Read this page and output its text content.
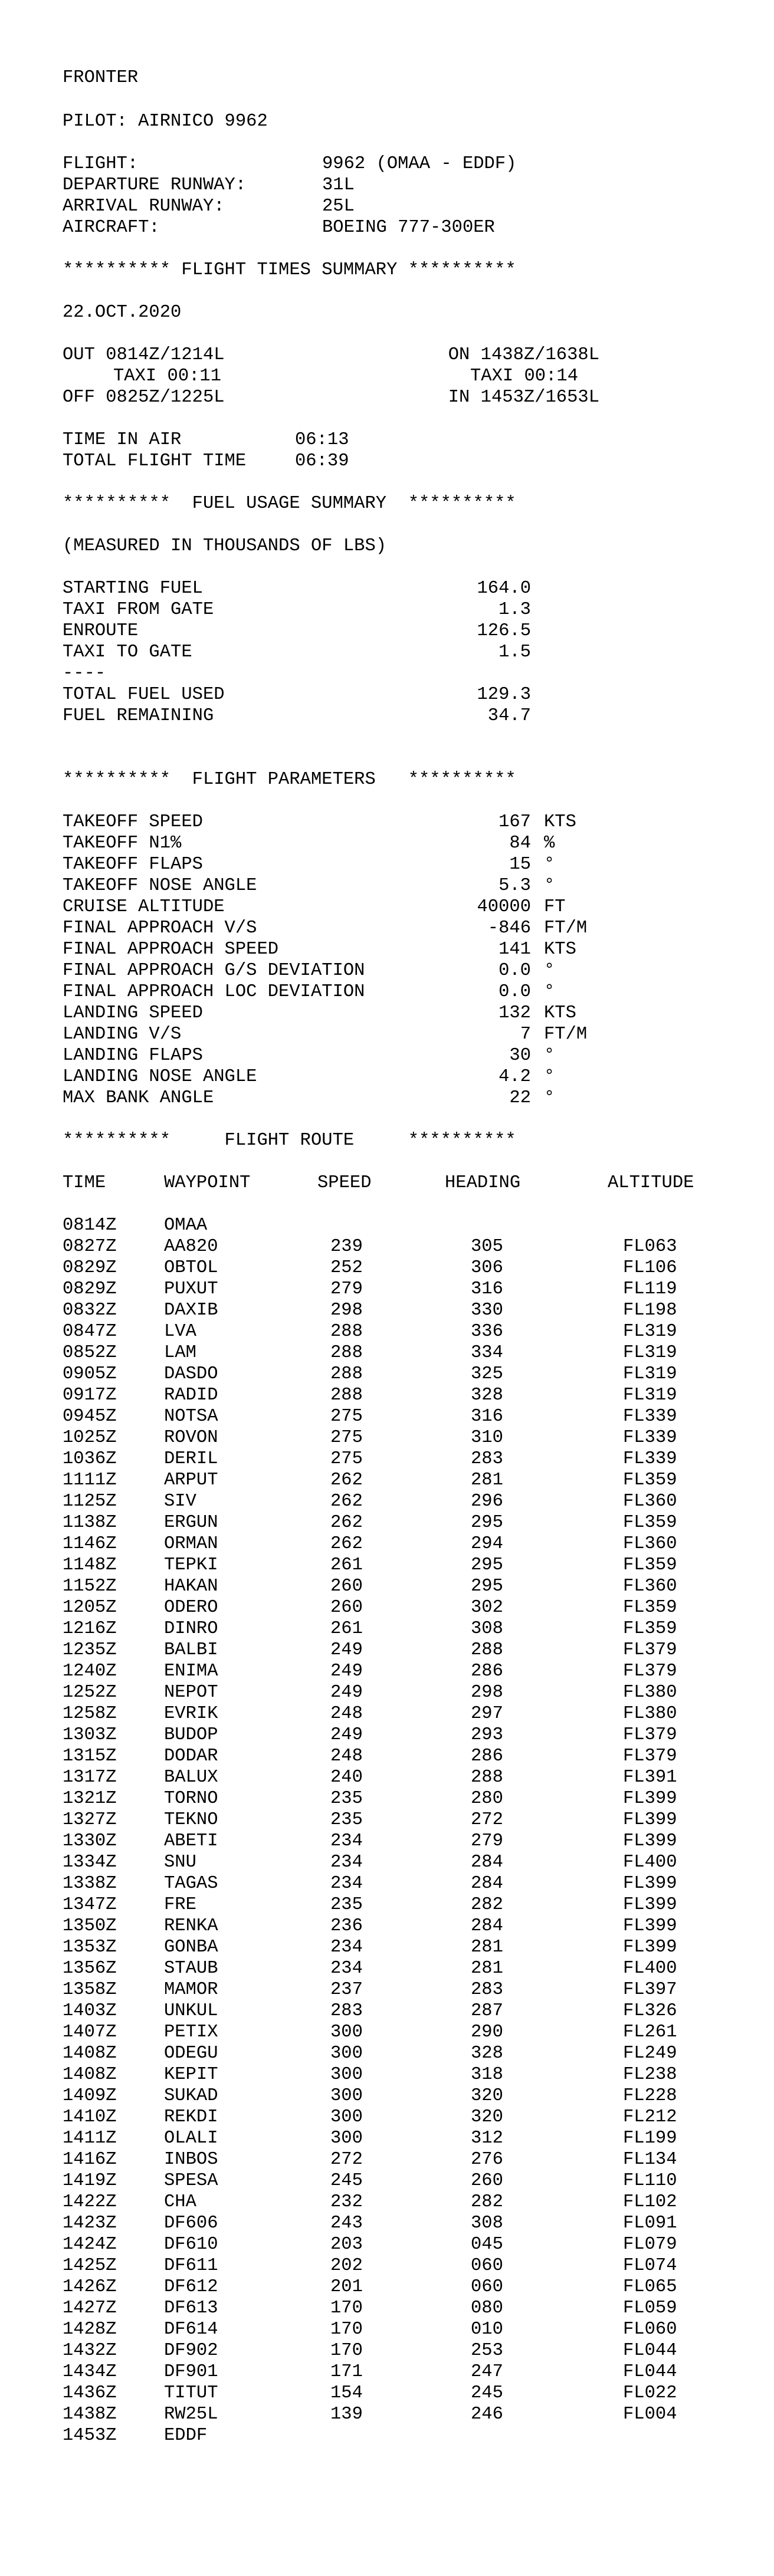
FRONTER
PILOT: AIRNICO 9962
FLIGHT:	9962 (OMAA - EDDF)
DEPARTURE RUNWAY:	31L
ARRIVAL RUNWAY:	25L
AIRCRAFT:	BOEING 777-300ER
********** FLIGHT TIMES SUMMARY **********
22.OCT.2020
OUT 0814Z/1214L	ON 1438Z/1638L
TAXI 00:11	TAXI 00:14
OFF 0825Z/1225L	IN 1453Z/1653L
TIME IN AIR	06:13
TOTAL FLIGHT TIME	06:39
**********  FUEL USAGE SUMMARY  **********
(MEASURED IN THOUSANDS OF LBS)
STARTING FUEL	164.0
TAXI FROM GATE	1.3
ENROUTE	126.5
TAXI TO GATE	1.5
----
TOTAL FUEL USED	129.3
FUEL REMAINING	34.7
**********  FLIGHT PARAMETERS   **********
TAKEOFF SPEED	167 KTS
TAKEOFF N1%	84 %
TAKEOFF FLAPS	15 °
TAKEOFF NOSE ANGLE	5.3 °
CRUISE ALTITUDE	40000 FT
FINAL APPROACH V/S	-846 FT/M
FINAL APPROACH SPEED	141 KTS
FINAL APPROACH G/S DEVIATION	0.0 °
FINAL APPROACH LOC DEVIATION	0.0 °
LANDING SPEED	132 KTS
LANDING V/S	7 FT/M
LANDING FLAPS	30 °
LANDING NOSE ANGLE	4.2 °
MAX BANK ANGLE	22 °
**********     FLIGHT ROUTE     **********
TIME	WAYPOINT	SPEED	HEADING	ALTITUDE
0814Z	OMAA
0827Z	AA820	239	305	FL063
0829Z	OBTOL	252	306	FL106
0829Z	PUXUT	279	316	FL119
0832Z	DAXIB	298	330	FL198
0847Z	LVA	288	336	FL319
0852Z	LAM	288	334	FL319
0905Z	DASDO	288	325	FL319
0917Z	RADID	288	328	FL319
0945Z	NOTSA	275	316	FL339
1025Z	ROVON	275	310	FL339
1036Z	DERIL	275	283	FL339
1111Z	ARPUT	262	281	FL359
1125Z	SIV	262	296	FL360
1138Z	ERGUN	262	295	FL359
1146Z	ORMAN	262	294	FL360
1148Z	TEPKI	261	295	FL359
1152Z	HAKAN	260	295	FL360
1205Z	ODERO	260	302	FL359
1216Z	DINRO	261	308	FL359
1235Z	BALBI	249	288	FL379
1240Z	ENIMA	249	286	FL379
1252Z	NEPOT	249	298	FL380
1258Z	EVRIK	248	297	FL380
1303Z	BUDOP	249	293	FL379
1315Z	DODAR	248	286	FL379
1317Z	BALUX	240	288	FL391
1321Z	TORNO	235	280	FL399
1327Z	TEKNO	235	272	FL399
1330Z	ABETI	234	279	FL399
1334Z	SNU	234	284	FL400
1338Z	TAGAS	234	284	FL399
1347Z	FRE	235	282	FL399
1350Z	RENKA	236	284	FL399
1353Z	GONBA	234	281	FL399
1356Z	STAUB	234	281	FL400
1358Z	MAMOR	237	283	FL397
1403Z	UNKUL	283	287	FL326
1407Z	PETIX	300	290	FL261
1408Z	ODEGU	300	328	FL249
1408Z	KEPIT	300	318	FL238
1409Z	SUKAD	300	320	FL228
1410Z	REKDI	300	320	FL212
1411Z	OLALI	300	312	FL199
1416Z	INBOS	272	276	FL134
1419Z	SPESA	245	260	FL110
1422Z	CHA	232	282	FL102
1423Z	DF606	243	308	FL091
1424Z	DF610	203	045	FL079
1425Z	DF611	202	060	FL074
1426Z	DF612	201	060	FL065
1427Z	DF613	170	080	FL059
1428Z	DF614	170	010	FL060
1432Z	DF902	170	253	FL044
1434Z	DF901	171	247	FL044
1436Z	TITUT	154	245	FL022
1438Z	RW25L	139	246	FL004
1453Z	EDDF
